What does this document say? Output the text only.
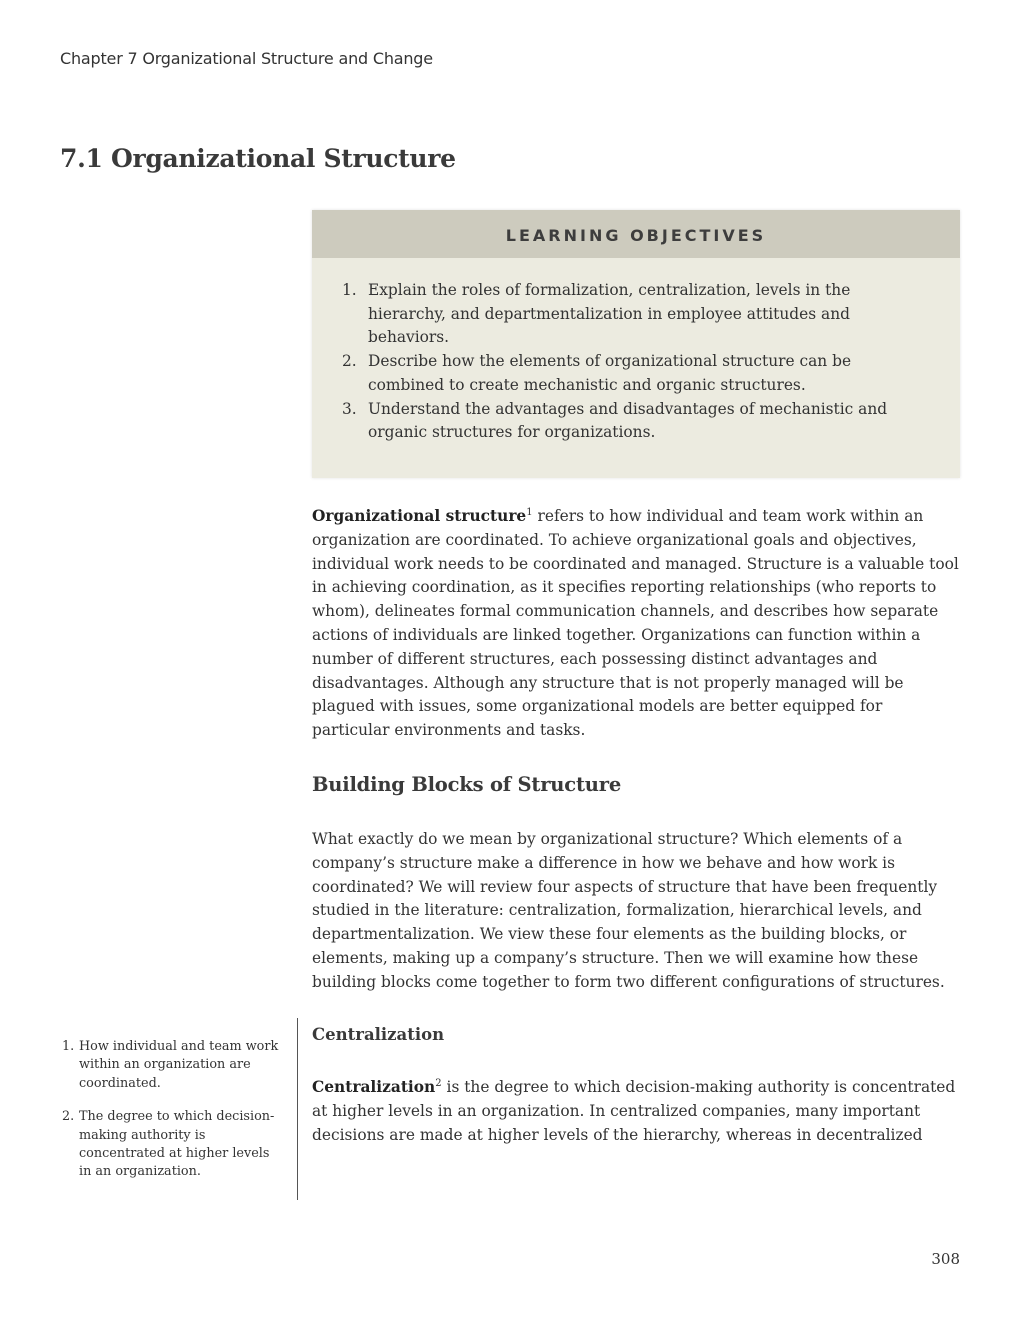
Chapter 7 Organizational Structure and Change
7.1 Organizational Structure
LEARNING OBJECTIVES
1. Explain the roles of formalization, centralization, levels in the hierarchy, and departmentalization in employee attitudes and behaviors.
2. Describe how the elements of organizational structure can be combined to create mechanistic and organic structures.
3. Understand the advantages and disadvantages of mechanistic and organic structures for organizations.

Organizational structure$^1$ refers to how individual and team work within an organization are coordinated. To achieve organizational goals and objectives, individual work needs to be coordinated and managed. Structure is a valuable tool in achieving coordination, as it specifies reporting relationships (who reports to whom), delineates formal communication channels, and describes how separate actions of individuals are linked together. Organizations can function within a number of different structures, each possessing distinct advantages and disadvantages. Although any structure that is not properly managed will be plagued with issues, some organizational models are better equipped for particular environments and tasks.

Building Blocks of Structure

What exactly do we mean by organizational structure? Which elements of a company’s structure make a difference in how we behave and how work is coordinated? We will review four aspects of structure that have been frequently studied in the literature: centralization, formalization, hierarchical levels, and departmentalization. We view these four elements as the building blocks, or elements, making up a company’s structure. Then we will examine how these building blocks come together to form two different configurations of structures.

Centralization

Centralization$^2$ is the degree to which decision-making authority is concentrated at higher levels in an organization. In centralized companies, many important decisions are made at higher levels of the hierarchy, whereas in decentralized

1. How individual and team work within an organization are coordinated.
2. The degree to which decision-making authority is concentrated at higher levels in an organization.
308
